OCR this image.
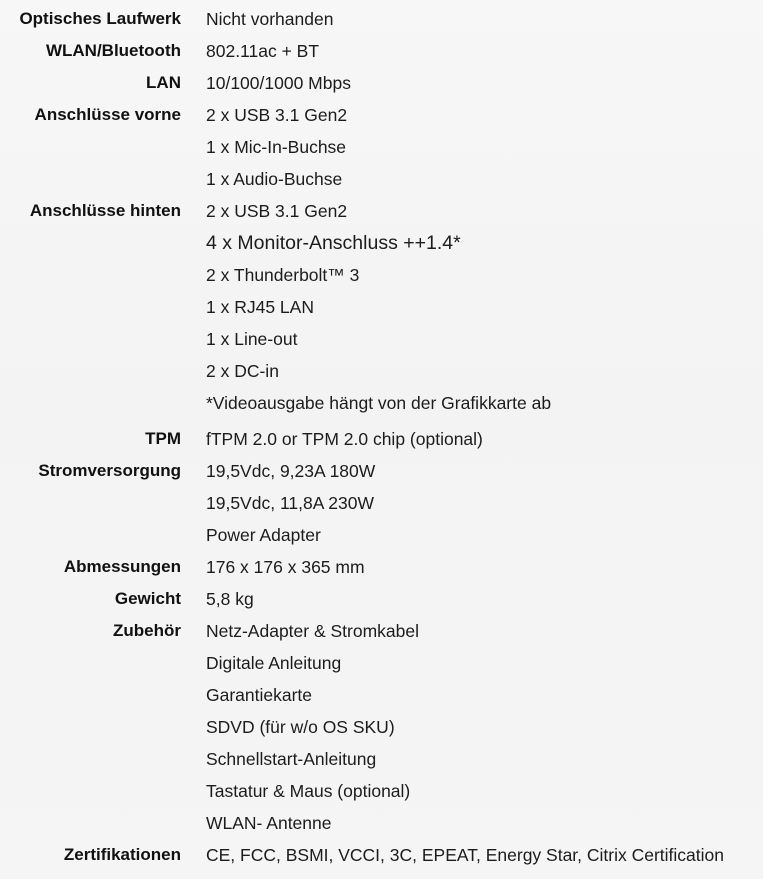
Optisches Laufwerk Nicht vorhanden
WLAN/Bluetooth 802.11ac + BT
LAN 10/100/1000 Mbps
Anschlüsse vorne 2 x USB 3.1 Gen2
1 x Mic-In-Buchse
1 x Audio-Buchse
Anschlüsse hinten 2 x USB 3.1 Gen2
4 x Monitor-Anschluss ++1.4*
2 x Thunderbolt™ 3
1 x RJ45 LAN
1 x Line-out
2 x DC-in
*Videoausgabe hängt von der Grafikkarte ab
TPM fTPM 2.0 or TPM 2.0 chip (optional)
Stromversorgung 19,5Vdc, 9,23A 180W
19,5Vdc, 11,8A 230W
Power Adapter
Abmessungen 176 x 176 x 365 mm
Gewicht 5,8 kg
Zubehör Netz-Adapter & Stromkabel
Digitale Anleitung
Garantiekarte
SDVD (für w/o OS SKU)
Schnellstart-Anleitung
Tastatur & Maus (optional)
WLAN- Antenne
Zertifikationen CE, FCC, BSMI, VCCI, 3C, EPEAT, Energy Star, Citrix Certification
